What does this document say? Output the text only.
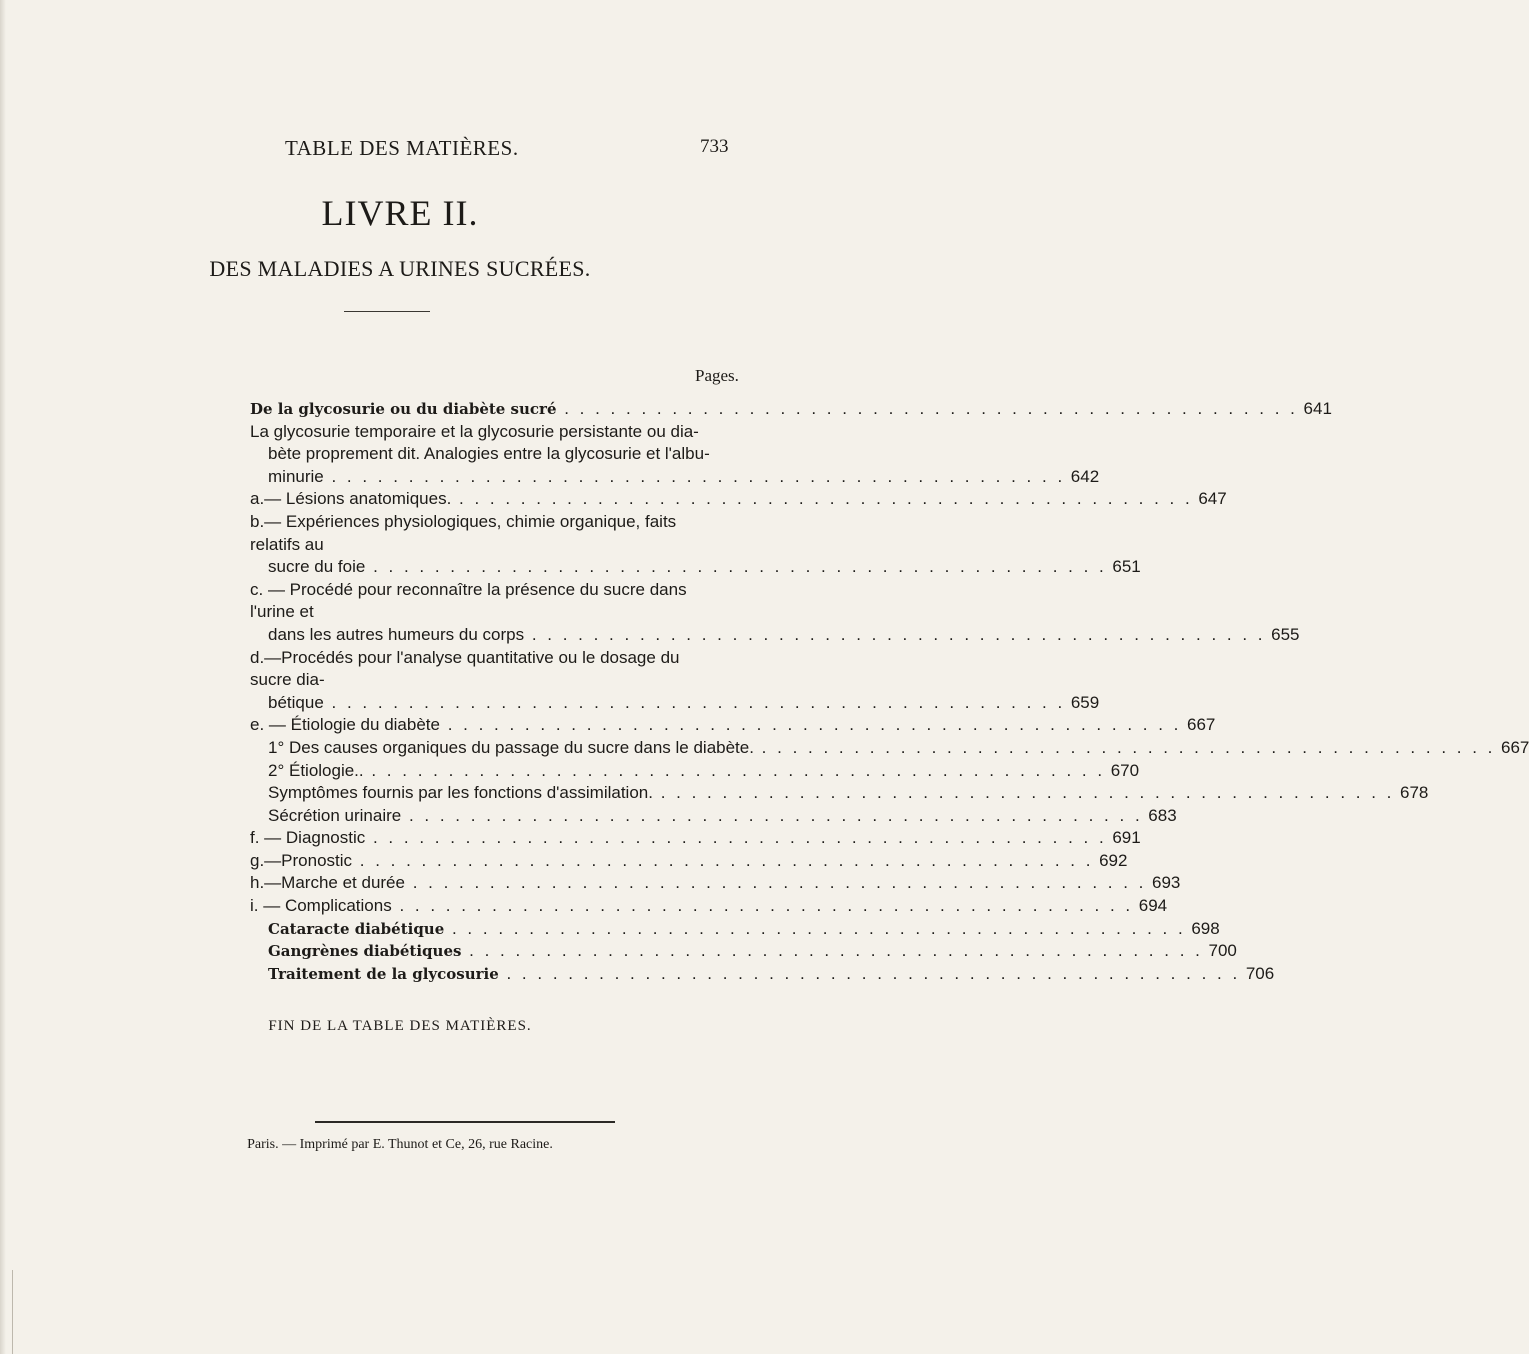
TABLE DES MATIÈRES.	733
LIVRE II.
DES MALADIES A URINES SUCRÉES.
Pages.
De la glycosurie ou du diabète sucré . . . . . . . . . . . . . . . . . . . . . . . . . . . . . . . . . . . . . . . . . . . . . . . . 641
La glycosurie temporaire et la glycosurie persistante ou dia-
bète proprement dit. Analogies entre la glycosurie et l'albu-
minurie . . . . . . . . . . . . . . . . . . . . . . . . . . . . . . . . . . . . . . . . . . . . . . . . 642
a.— Lésions anatomiques. . . . . . . . . . . . . . . . . . . . . . . . . . . . . . . . . . . . . . . . . . . . . . . . . 647
b.— Expériences physiologiques, chimie organique, faits relatifs au
sucre du foie . . . . . . . . . . . . . . . . . . . . . . . . . . . . . . . . . . . . . . . . . . . . . . . . 651
c. — Procédé pour reconnaître la présence du sucre dans l'urine et
dans les autres humeurs du corps . . . . . . . . . . . . . . . . . . . . . . . . . . . . . . . . . . . . . . . . . . . . . . . . 655
d.—Procédés pour l'analyse quantitative ou le dosage du sucre dia-
bétique . . . . . . . . . . . . . . . . . . . . . . . . . . . . . . . . . . . . . . . . . . . . . . . . 659
e. — Étiologie du diabète . . . . . . . . . . . . . . . . . . . . . . . . . . . . . . . . . . . . . . . . . . . . . . . . 667
1° Des causes organiques du passage du sucre dans le diabète. . . . . . . . . . . . . . . . . . . . . . . . . . . . . . . . . . . . . . . . . . . . . . . . . 667
2° Étiologie.. . . . . . . . . . . . . . . . . . . . . . . . . . . . . . . . . . . . . . . . . . . . . . . . . 670
Symptômes fournis par les fonctions d'assimilation. . . . . . . . . . . . . . . . . . . . . . . . . . . . . . . . . . . . . . . . . . . . . . . . . 678
Sécrétion urinaire . . . . . . . . . . . . . . . . . . . . . . . . . . . . . . . . . . . . . . . . . . . . . . . . 683
f. — Diagnostic . . . . . . . . . . . . . . . . . . . . . . . . . . . . . . . . . . . . . . . . . . . . . . . . 691
g.—Pronostic . . . . . . . . . . . . . . . . . . . . . . . . . . . . . . . . . . . . . . . . . . . . . . . . 692
h.—Marche et durée . . . . . . . . . . . . . . . . . . . . . . . . . . . . . . . . . . . . . . . . . . . . . . . . 693
i. — Complications . . . . . . . . . . . . . . . . . . . . . . . . . . . . . . . . . . . . . . . . . . . . . . . . 694
Cataracte diabétique . . . . . . . . . . . . . . . . . . . . . . . . . . . . . . . . . . . . . . . . . . . . . . . . 698
Gangrènes diabétiques . . . . . . . . . . . . . . . . . . . . . . . . . . . . . . . . . . . . . . . . . . . . . . . . 700
Traitement de la glycosurie . . . . . . . . . . . . . . . . . . . . . . . . . . . . . . . . . . . . . . . . . . . . . . . . 706
FIN DE LA TABLE DES MATIÈRES.
Paris. — Imprimé par E. Thunot et Ce, 26, rue Racine.
